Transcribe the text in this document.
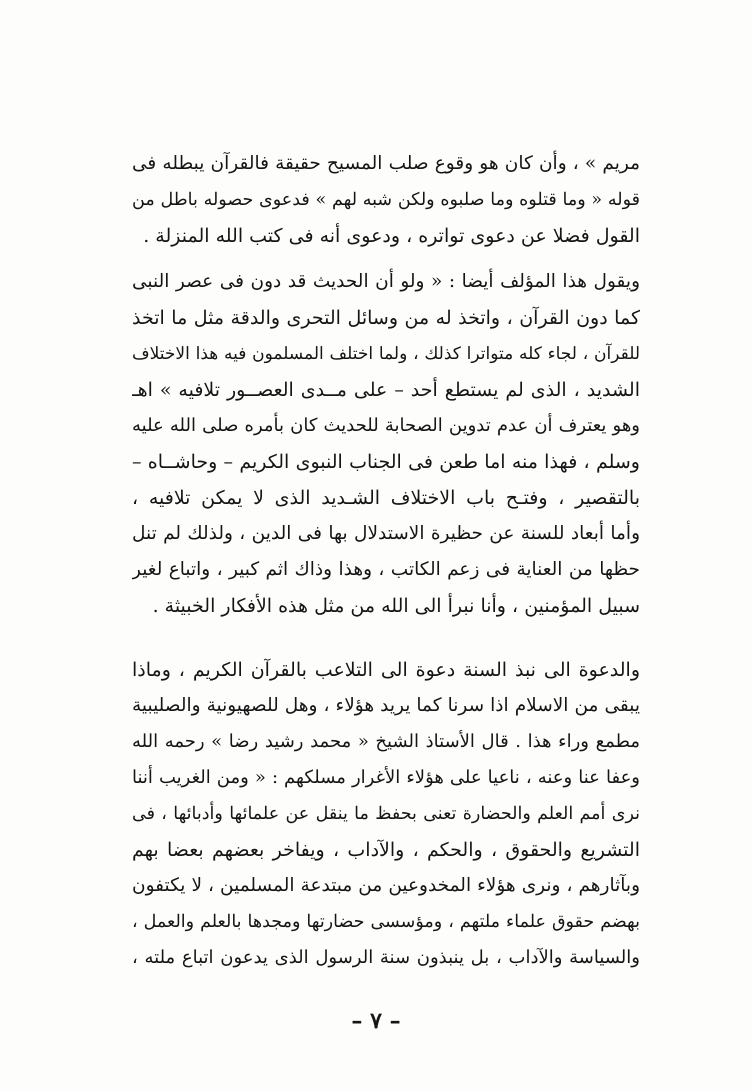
مريم » ، وأن كان هو وقوع صلب المسيح حقيقة فالقرآن يبطله فى
قوله « وما قتلوه وما صلبوه ولكن شبه لهم » فدعوى حصوله باطل من
القول فضلا عن دعوى تواتره ، ودعوى أنه فى كتب الله المنزلة .

ويقول هذا المؤلف أيضا : « ولو أن الحديث قد دون فى عصر النبى
كما دون القرآن ، واتخذ له من وسائل التحرى والدقة مثل ما اتخذ
للقرآن ، لجاء كله متواترا كذلك ، ولما اختلف المسلمون فيه هذا الاختلاف
الشديد ، الذى لم يستطع أحد – على مــدى العصــور تلافيه » اهـ
وهو يعترف أن عدم تدوين الصحابة للحديث كان بأمره صلى الله عليه
وسلم ، فهذا منه اما طعن فى الجناب النبوى الكريم – وحاشــاه –
بالتقصير ، وفتـح باب الاختلاف الشـديد الذى لا يمكن تلافيه ،
وأما أبعاد للسنة عن حظيرة الاستدلال بها فى الدين ، ولذلك لم تنل
حظها من العناية فى زعم الكاتب ، وهذا وذاك اثم كبير ، واتباع لغير
سبيل المؤمنين ، وأنا نبرأ الى الله من مثل هذه الأفكار الخبيثة .

والدعوة الى نبذ السنة دعوة الى التلاعب بالقرآن الكريم ، وماذا
يبقى من الاسلام اذا سرنا كما يريد هؤلاء ، وهل للصهيونية والصليبية
مطمع وراء هذا . قال الأستاذ الشيخ « محمد رشيد رضا » رحمه الله
وعفا عنا وعنه ، ناعيا على هؤلاء الأغرار مسلكهم : « ومن الغريب أننا
نرى أمم العلم والحضارة تعنى بحفظ ما ينقل عن علمائها وأدبائها ، فى
التشريع والحقوق ، والحكم ، والآداب ، ويفاخر بعضهم بعضا بهم
وبآثارهم ، ونرى هؤلاء المخدوعين من مبتدعة المسلمين ، لا يكتفون
بهضم حقوق علماء ملتهم ، ومؤسسى حضارتها ومجدها بالعلم والعمل ،
والسياسة والآداب ، بل ينبذون سنة الرسول الذى يدعون اتباع ملته ،

– ٧ –
